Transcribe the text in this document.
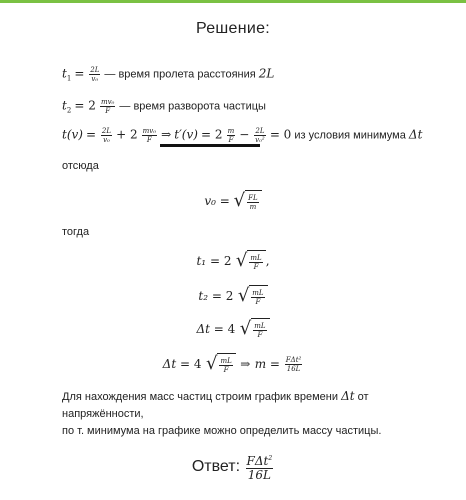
Решение:
$t_1 = \frac{2L}{\text{v₀}}$ — время пролета расстояния 2L
$t_2 = 2 \frac{\text{mv₀}}{F}$ — время разворота частицы
$t(v) = \frac{2L}{\text{v₀}} + 2 \frac{\text{mv₀}}{F}$ ⇒ $t'(v) = 2 \frac{m}{F} - \frac{2L}{\text{v₀²}} = 0$ из условия минимума Δt
отсюда
v₀ = √ $\frac{FL}{m}$
тогда
t₁ = 2 √ $\frac{mL}{F}$ ,
t₂ = 2 √ $\frac{mL}{F}$
Δt = 4 √ $\frac{mL}{F}$
Δt = 4 √ $\frac{mL}{F}$ ⇒ $m = \frac{\text{FΔt²}}{16L}$
Для нахождения масс частиц строим график времени Δt от напряжённости,
по т. минимума на графике можно определить массу частицы.
Ответ: $\frac{F\Delta t^2}{16L}$
